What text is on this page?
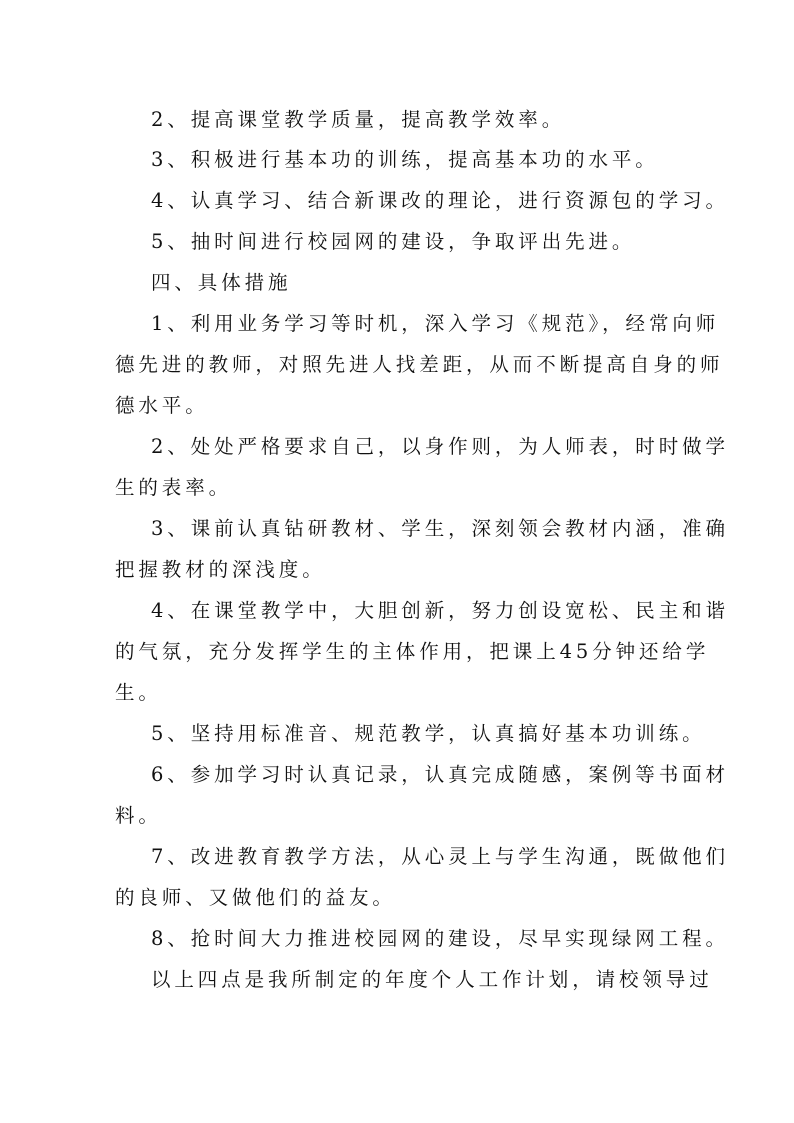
2、提高课堂教学质量，提高教学效率。
3、积极进行基本功的训练，提高基本功的水平。
4、认真学习、结合新课改的理论，进行资源包的学习。
5、抽时间进行校园网的建设，争取评出先进。
四、具体措施
1、利用业务学习等时机，深入学习《规范》，经常向师
德先进的教师，对照先进人找差距，从而不断提高自身的师
德水平。
2、处处严格要求自己，以身作则，为人师表，时时做学
生的表率。
3、课前认真钻研教材、学生，深刻领会教材内涵，准确
把握教材的深浅度。
4、在课堂教学中，大胆创新，努力创设宽松、民主和谐
的气氛，充分发挥学生的主体作用，把课上45分钟还给学
生。
5、坚持用标准音、规范教学，认真搞好基本功训练。
6、参加学习时认真记录，认真完成随感，案例等书面材
料。
7、改进教育教学方法，从心灵上与学生沟通，既做他们
的良师、又做他们的益友。
8、抢时间大力推进校园网的建设，尽早实现绿网工程。
以上四点是我所制定的年度个人工作计划，请校领导过
